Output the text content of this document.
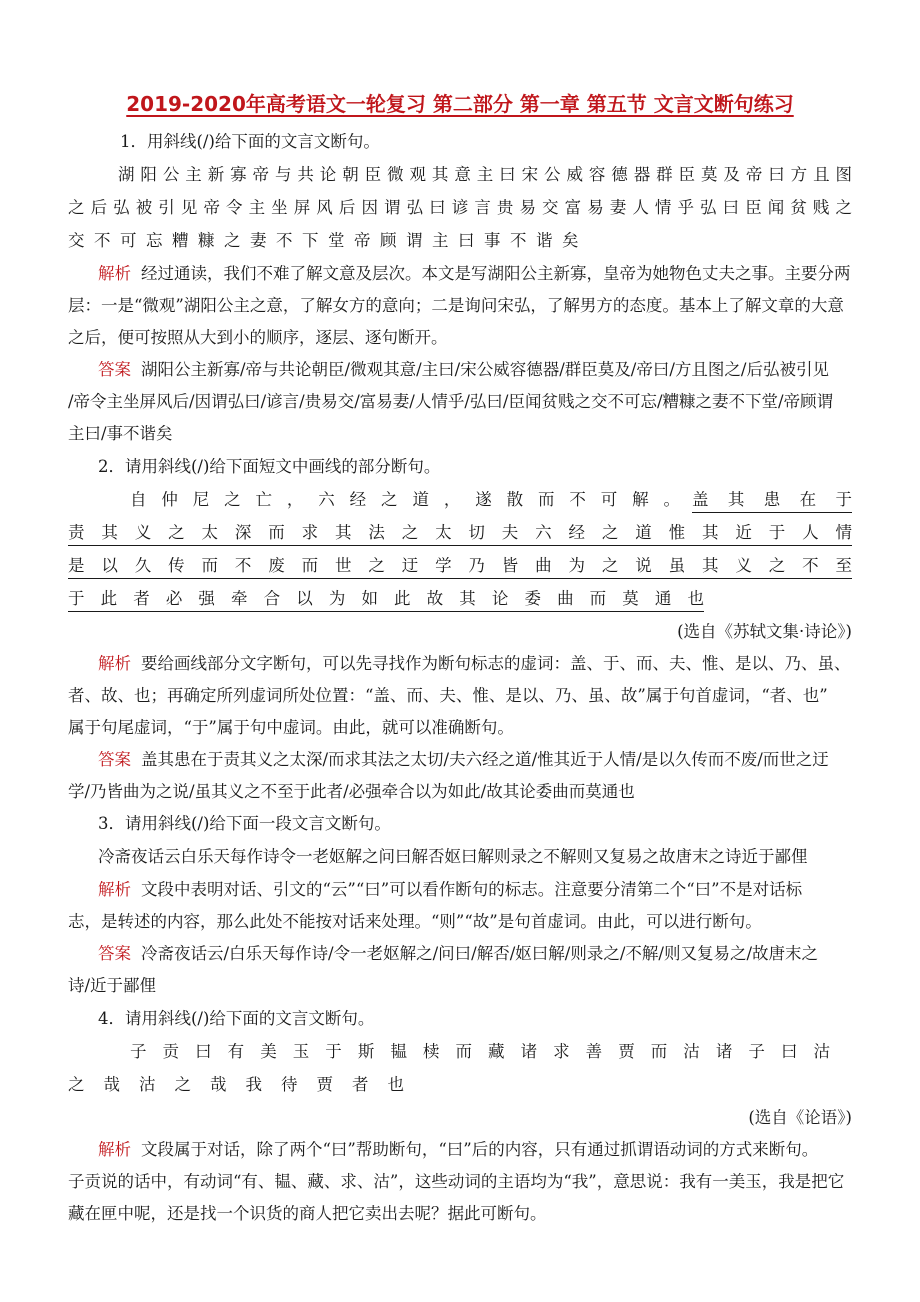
2019-2020年高考语文一轮复习 第二部分 第一章 第五节 文言文断句练习
1．用斜线(/)给下面的文言文断句。
湖阳公主新寡帝与共论朝臣微观其意主曰宋公威容德器群臣莫及帝曰方且图
之后弘被引见帝令主坐屏风后因谓弘曰谚言贵易交富易妻人情乎弘曰臣闻贫贱之
交不可忘糟糠之妻不下堂帝顾谓主曰事不谐矣
解析 经过通读，我们不难了解文意及层次。本文是写湖阳公主新寡，皇帝为她物色丈夫之事。主要分两
层：一是“微观”湖阳公主之意，了解女方的意向；二是询问宋弘，了解男方的态度。基本上了解文章的大意
之后，便可按照从大到小的顺序，逐层、逐句断开。
答案 湖阳公主新寡/帝与共论朝臣/微观其意/主曰/宋公威容德器/群臣莫及/帝曰/方且图之/后弘被引见
/帝令主坐屏风后/因谓弘曰/谚言/贵易交/富易妻/人情乎/弘曰/臣闻贫贱之交不可忘/糟糠之妻不下堂/帝顾谓
主曰/事不谐矣
2．请用斜线(/)给下面短文中画线的部分断句。
自仲尼之亡，六经之道，遂散而不可解。 盖其患在于
责其义之太深而求其法之太切夫六经之道惟其近于人情
是以久传而不废而世之迂学乃皆曲为之说虽其义之不至
于此者必强牵合以为如此故其论委曲而莫通也
(选自《苏轼文集·诗论》)
解析 要给画线部分文字断句，可以先寻找作为断句标志的虚词：盖、于、而、夫、惟、是以、乃、虽、
者、故、也；再确定所列虚词所处位置：“盖、而、夫、惟、是以、乃、虽、故”属于句首虚词，“者、也”
属于句尾虚词，“于”属于句中虚词。由此，就可以准确断句。
答案 盖其患在于责其义之太深/而求其法之太切/夫六经之道/惟其近于人情/是以久传而不废/而世之迂
学/乃皆曲为之说/虽其义之不至于此者/必强牵合以为如此/故其论委曲而莫通也
3．请用斜线(/)给下面一段文言文断句。
冷斋夜话云白乐天每作诗令一老妪解之问曰解否妪曰解则录之不解则又复易之故唐末之诗近于鄙俚
解析 文段中表明对话、引文的“云”“曰”可以看作断句的标志。注意要分清第二个“曰”不是对话标
志，是转述的内容，那么此处不能按对话来处理。“则”“故”是句首虚词。由此，可以进行断句。
答案 冷斋夜话云/白乐天每作诗/令一老妪解之/问曰/解否/妪曰解/则录之/不解/则又复易之/故唐末之
诗/近于鄙俚
4．请用斜线(/)给下面的文言文断句。
子贡曰有美玉于斯韫椟而藏诸求善贾而沽诸子曰沽
之哉沽之哉我待贾者也
(选自《论语》)
解析 文段属于对话，除了两个“曰”帮助断句，“曰”后的内容，只有通过抓谓语动词的方式来断句。
子贡说的话中，有动词“有、韫、藏、求、沽”，这些动词的主语均为“我”，意思说：我有一美玉，我是把它
藏在匣中呢，还是找一个识货的商人把它卖出去呢？据此可断句。
